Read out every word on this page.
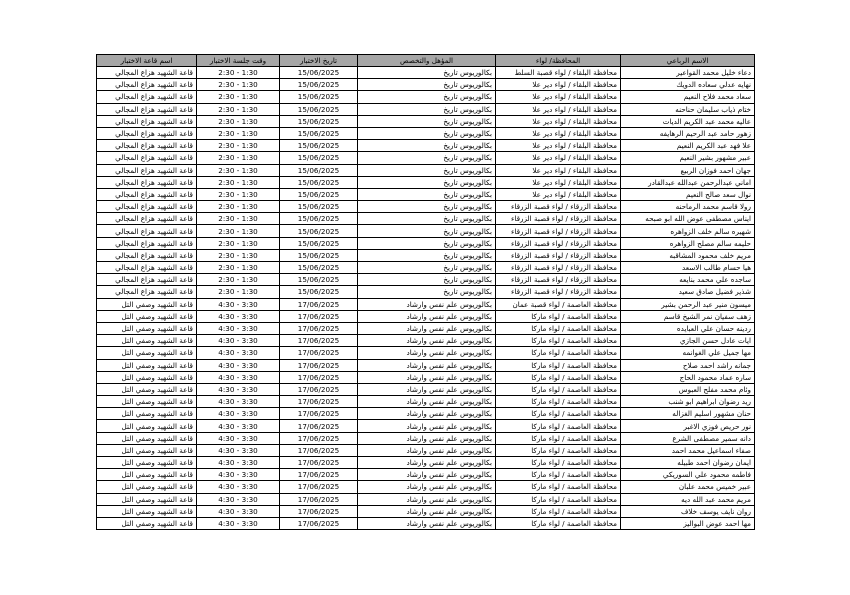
الاسم الرباعي	المحافظة/ لواء	المؤهل والتخصص	تاريخ الاختبار	وقت جلسة الاختبار	اسم قاعة الاختبار
دعاء خليل محمد القواعير	محافظة البلقاء / لواء قصبة السلط	بكالوريوس تاريخ	15/06/2025	1:30 - 2:30	قاعة الشهيد هزاع المجالي
نهايه عدلي سعاده الدويك	محافظة البلقاء / لواء دير علا	بكالوريوس تاريخ	15/06/2025	1:30 - 2:30	قاعة الشهيد هزاع المجالي
سعاد محمد فلاح النعيم	محافظة البلقاء / لواء دير علا	بكالوريوس تاريخ	15/06/2025	1:30 - 2:30	قاعة الشهيد هزاع المجالي
ختام ذياب سليمان حناحنه	محافظة البلقاء / لواء دير علا	بكالوريوس تاريخ	15/06/2025	1:30 - 2:30	قاعة الشهيد هزاع المجالي
عاليه محمد عبد الكريم الديات	محافظة البلقاء / لواء دير علا	بكالوريوس تاريخ	15/06/2025	1:30 - 2:30	قاعة الشهيد هزاع المجالي
زهور حامد عبد الرحيم الرهايفه	محافظة البلقاء / لواء دير علا	بكالوريوس تاريخ	15/06/2025	1:30 - 2:30	قاعة الشهيد هزاع المجالي
علا فهد عبد الكريم النعيم	محافظة البلقاء / لواء دير علا	بكالوريوس تاريخ	15/06/2025	1:30 - 2:30	قاعة الشهيد هزاع المجالي
عبير مشهور بشير النعيم	محافظة البلقاء / لواء دير علا	بكالوريوس تاريخ	15/06/2025	1:30 - 2:30	قاعة الشهيد هزاع المجالي
جهان احمد فوزان الربيع	محافظة البلقاء / لواء دير علا	بكالوريوس تاريخ	15/06/2025	1:30 - 2:30	قاعة الشهيد هزاع المجالي
اماني عبدالرحمن عبدالله عبدالقادر	محافظة البلقاء / لواء دير علا	بكالوريوس تاريخ	15/06/2025	1:30 - 2:30	قاعة الشهيد هزاع المجالي
نوال سعد صالح النعيم	محافظة البلقاء / لواء دير علا	بكالوريوس تاريخ	15/06/2025	1:30 - 2:30	قاعة الشهيد هزاع المجالي
رولا قاسم محمد الرماحنه	محافظة الزرقاء / لواء قصبة الزرقاء	بكالوريوس تاريخ	15/06/2025	1:30 - 2:30	قاعة الشهيد هزاع المجالي
ايناس مصطفى عوض الله ابو صبحه	محافظة الزرقاء / لواء قصبة الزرقاء	بكالوريوس تاريخ	15/06/2025	1:30 - 2:30	قاعة الشهيد هزاع المجالي
شهيره سالم خلف الزواهره	محافظة الزرقاء / لواء قصبة الزرقاء	بكالوريوس تاريخ	15/06/2025	1:30 - 2:30	قاعة الشهيد هزاع المجالي
حليمه سالم مصلح الزواهره	محافظة الزرقاء / لواء قصبة الزرقاء	بكالوريوس تاريخ	15/06/2025	1:30 - 2:30	قاعة الشهيد هزاع المجالي
مريم خلف محمود المشاقبه	محافظة الزرقاء / لواء قصبة الزرقاء	بكالوريوس تاريخ	15/06/2025	1:30 - 2:30	قاعة الشهيد هزاع المجالي
هيا حسام طالب الاسعد	محافظة الزرقاء / لواء قصبة الزرقاء	بكالوريوس تاريخ	15/06/2025	1:30 - 2:30	قاعة الشهيد هزاع المجالي
ساجده علي محمد بنايعه	محافظة الزرقاء / لواء قصبة الزرقاء	بكالوريوس تاريخ	15/06/2025	1:30 - 2:30	قاعة الشهيد هزاع المجالي
شذير فضيل صادق سعيد	محافظة الزرقاء / لواء قصبة الزرقاء	بكالوريوس تاريخ	15/06/2025	1:30 - 2:30	قاعة الشهيد هزاع المجالي
ميسون منير عبد الرحمن بشير	محافظة العاصمة / لواء قصبة عمان	بكالوريوس علم نفس وارشاد	17/06/2025	3:30 - 4:30	قاعة الشهيد وصفي التل
زهف سفيان نمر الشيخ قاسم	محافظة العاصمة / لواء ماركا	بكالوريوس علم نفس وارشاد	17/06/2025	3:30 - 4:30	قاعة الشهيد وصفي التل
ردينه حسان علي العبايده	محافظة العاصمة / لواء ماركا	بكالوريوس علم نفس وارشاد	17/06/2025	3:30 - 4:30	قاعة الشهيد وصفي التل
ايات عادل حسن الجازي	محافظة العاصمة / لواء ماركا	بكالوريوس علم نفس وارشاد	17/06/2025	3:30 - 4:30	قاعة الشهيد وصفي التل
مها جميل علي الغوانمه	محافظة العاصمة / لواء ماركا	بكالوريوس علم نفس وارشاد	17/06/2025	3:30 - 4:30	قاعة الشهيد وصفي التل
جمانه راشد احمد صلاح	محافظة العاصمة / لواء ماركا	بكالوريوس علم نفس وارشاد	17/06/2025	3:30 - 4:30	قاعة الشهيد وصفي التل
ساره عماد محمود الحاج	محافظة العاصمة / لواء ماركا	بكالوريوس علم نفس وارشاد	17/06/2025	3:30 - 4:30	قاعة الشهيد وصفي التل
وئام محمد مفلح العبوس	محافظة العاصمة / لواء ماركا	بكالوريوس علم نفس وارشاد	17/06/2025	3:30 - 4:30	قاعة الشهيد وصفي التل
ريد رضوان ابراهيم ابو شنب	محافظة العاصمة / لواء ماركا	بكالوريوس علم نفس وارشاد	17/06/2025	3:30 - 4:30	قاعة الشهيد وصفي التل
حنان مشهور اسليم الغزاله	محافظة العاصمة / لواء ماركا	بكالوريوس علم نفس وارشاد	17/06/2025	3:30 - 4:30	قاعة الشهيد وصفي التل
نور حريص فوزي الاغبر	محافظة العاصمة / لواء ماركا	بكالوريوس علم نفس وارشاد	17/06/2025	3:30 - 4:30	قاعة الشهيد وصفي التل
دانه سمير مصطفى الشرع	محافظة العاصمة / لواء ماركا	بكالوريوس علم نفس وارشاد	17/06/2025	3:30 - 4:30	قاعة الشهيد وصفي التل
صفاء اسماعيل محمد احمد	محافظة العاصمة / لواء ماركا	بكالوريوس علم نفس وارشاد	17/06/2025	3:30 - 4:30	قاعة الشهيد وصفي التل
ايمان رضوان احمد طبيله	محافظة العاصمة / لواء ماركا	بكالوريوس علم نفس وارشاد	17/06/2025	3:30 - 4:30	قاعة الشهيد وصفي التل
فاطمه محمود علي السوريكي	محافظة العاصمة / لواء ماركا	بكالوريوس علم نفس وارشاد	17/06/2025	3:30 - 4:30	قاعة الشهيد وصفي التل
عبير خميس محمد علبان	محافظة العاصمة / لواء ماركا	بكالوريوس علم نفس وارشاد	17/06/2025	3:30 - 4:30	قاعة الشهيد وصفي التل
مريم محمد عبد الله ديه	محافظة العاصمة / لواء ماركا	بكالوريوس علم نفس وارشاد	17/06/2025	3:30 - 4:30	قاعة الشهيد وصفي التل
روان نايف يوسف خلاف	محافظة العاصمة / لواء ماركا	بكالوريوس علم نفس وارشاد	17/06/2025	3:30 - 4:30	قاعة الشهيد وصفي التل
مها احمد عوض البواليز	محافظة العاصمة / لواء ماركا	بكالوريوس علم نفس وارشاد	17/06/2025	3:30 - 4:30	قاعة الشهيد وصفي التل
